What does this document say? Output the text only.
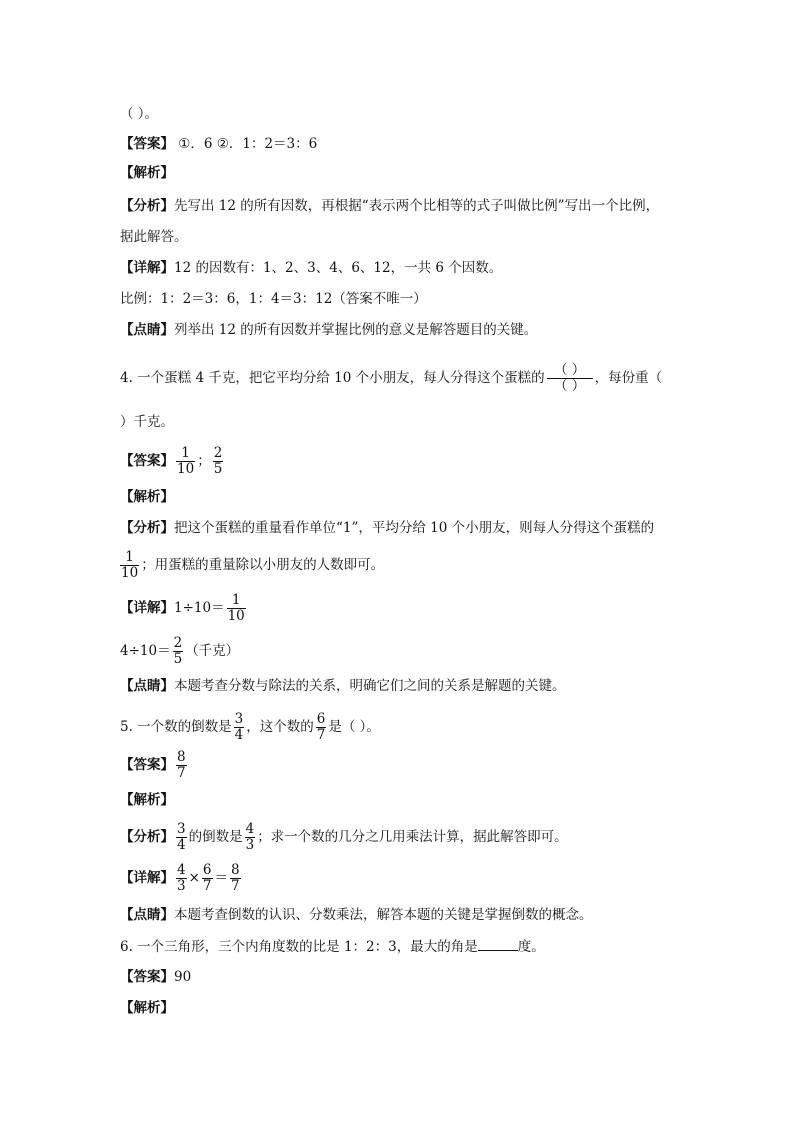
（ ）。
【答案】 ①．6 ②．1：2＝3：6
【解析】
【分析】先写出 12 的所有因数，再根据“表示两个比相等的式子叫做比例”写出一个比例，
据此解答。
【详解】12 的因数有：1、2、3、4、6、12，一共 6 个因数。
比例：1：2＝3：6，1：4＝3：12（答案不唯一）
【点睛】列举出 12 的所有因数并掌握比例的意义是解答题目的关键。
4. 一个蛋糕 4 千克，把它平均分给 10 个小朋友，每人分得这个蛋糕的 （ ）
（ ） ，每份重（
）千克。
【答案】 $\frac{1}{10}$ ； $\frac{2}{5}$
【解析】
【分析】把这个蛋糕的重量看作单位“1”，平均分给 10 个小朋友，则每人分得这个蛋糕的
$\frac{1}{10}$ ；用蛋糕的重量除以小朋友的人数即可。
【详解】$1\div 10= \frac{1}{10}$
$4\div 10= \frac{2}{5}$ （千克）
【点睛】本题考查分数与除法的关系，明确它们之间的关系是解题的关键。
5. 一个数的倒数是 $\frac{3}{4}$ ，这个数的 $\frac{6}{7}$ 是（ ）。
【答案】 $\frac{8}{7}$
【解析】
【分析】 $\frac{3}{4}$ 的倒数是 $\frac{4}{3}$ ；求一个数的几分之几用乘法计算，据此解答即可。
【详解】 $\frac{4}{3} \times \frac{6}{7} = \frac{8}{7}$
【点睛】本题考查倒数的认识、分数乘法，解答本题的关键是掌握倒数的概念。
6. 一个三角形，三个内角度数的比是 1：2：3，最大的角是	度。
【答案】90
【解析】
